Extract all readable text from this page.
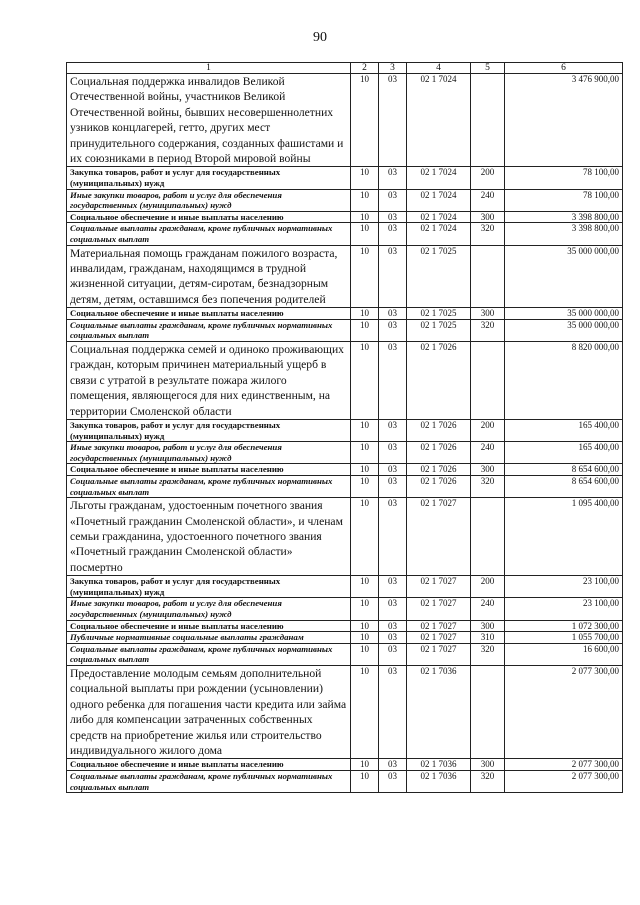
90
1	2	3	4	5	6
Социальная поддержка инвалидов Великой Отечественной войны, участников Великой Отечественной войны, бывших несовершеннолетних узников концлагерей, гетто, других мест принудительного содержания, созданных фашистами и их союзниками в период Второй мировой войны	10	03	02 1 7024		3 476 900,00
Закупка товаров, работ и услуг для государственных (муниципальных) нужд	10	03	02 1 7024	200	78 100,00
Иные закупки товаров, работ и услуг для обеспечения государственных (муниципальных) нужд	10	03	02 1 7024	240	78 100,00
Социальное обеспечение и иные выплаты населению	10	03	02 1 7024	300	3 398 800,00
Социальные выплаты гражданам, кроме публичных нормативных социальных выплат	10	03	02 1 7024	320	3 398 800,00
Материальная помощь гражданам пожилого возраста, инвалидам, гражданам, находящимся в трудной жизненной ситуации, детям-сиротам, безнадзорным детям, детям, оставшимся без попечения родителей	10	03	02 1 7025		35 000 000,00
Социальное обеспечение и иные выплаты населению	10	03	02 1 7025	300	35 000 000,00
Социальные выплаты гражданам, кроме публичных нормативных социальных выплат	10	03	02 1 7025	320	35 000 000,00
Социальная поддержка семей и одиноко проживающих граждан, которым причинен материальный ущерб в связи с утратой в результате пожара жилого помещения, являющегося для них единственным, на территории Смоленской области	10	03	02 1 7026		8 820 000,00
Закупка товаров, работ и услуг для государственных (муниципальных) нужд	10	03	02 1 7026	200	165 400,00
Иные закупки товаров, работ и услуг для обеспечения государственных (муниципальных) нужд	10	03	02 1 7026	240	165 400,00
Социальное обеспечение и иные выплаты населению	10	03	02 1 7026	300	8 654 600,00
Социальные выплаты гражданам, кроме публичных нормативных социальных выплат	10	03	02 1 7026	320	8 654 600,00
Льготы гражданам, удостоенным почетного звания «Почетный гражданин Смоленской области», и членам семьи гражданина, удостоенного почетного звания «Почетный гражданин Смоленской области» посмертно	10	03	02 1 7027		1 095 400,00
Закупка товаров, работ и услуг для государственных (муниципальных) нужд	10	03	02 1 7027	200	23 100,00
Иные закупки товаров, работ и услуг для обеспечения государственных (муниципальных) нужд	10	03	02 1 7027	240	23 100,00
Социальное обеспечение и иные выплаты населению	10	03	02 1 7027	300	1 072 300,00
Публичные нормативные социальные выплаты гражданам	10	03	02 1 7027	310	1 055 700,00
Социальные выплаты гражданам, кроме публичных нормативных социальных выплат	10	03	02 1 7027	320	16 600,00
Предоставление молодым семьям дополнительной социальной выплаты при рождении (усыновлении) одного ребенка для погашения части кредита или займа либо для компенсации затраченных собственных средств на приобретение жилья или строительство индивидуального жилого дома	10	03	02 1 7036		2 077 300,00
Социальное обеспечение и иные выплаты населению	10	03	02 1 7036	300	2 077 300,00
Социальные выплаты гражданам, кроме публичных нормативных социальных выплат	10	03	02 1 7036	320	2 077 300,00
